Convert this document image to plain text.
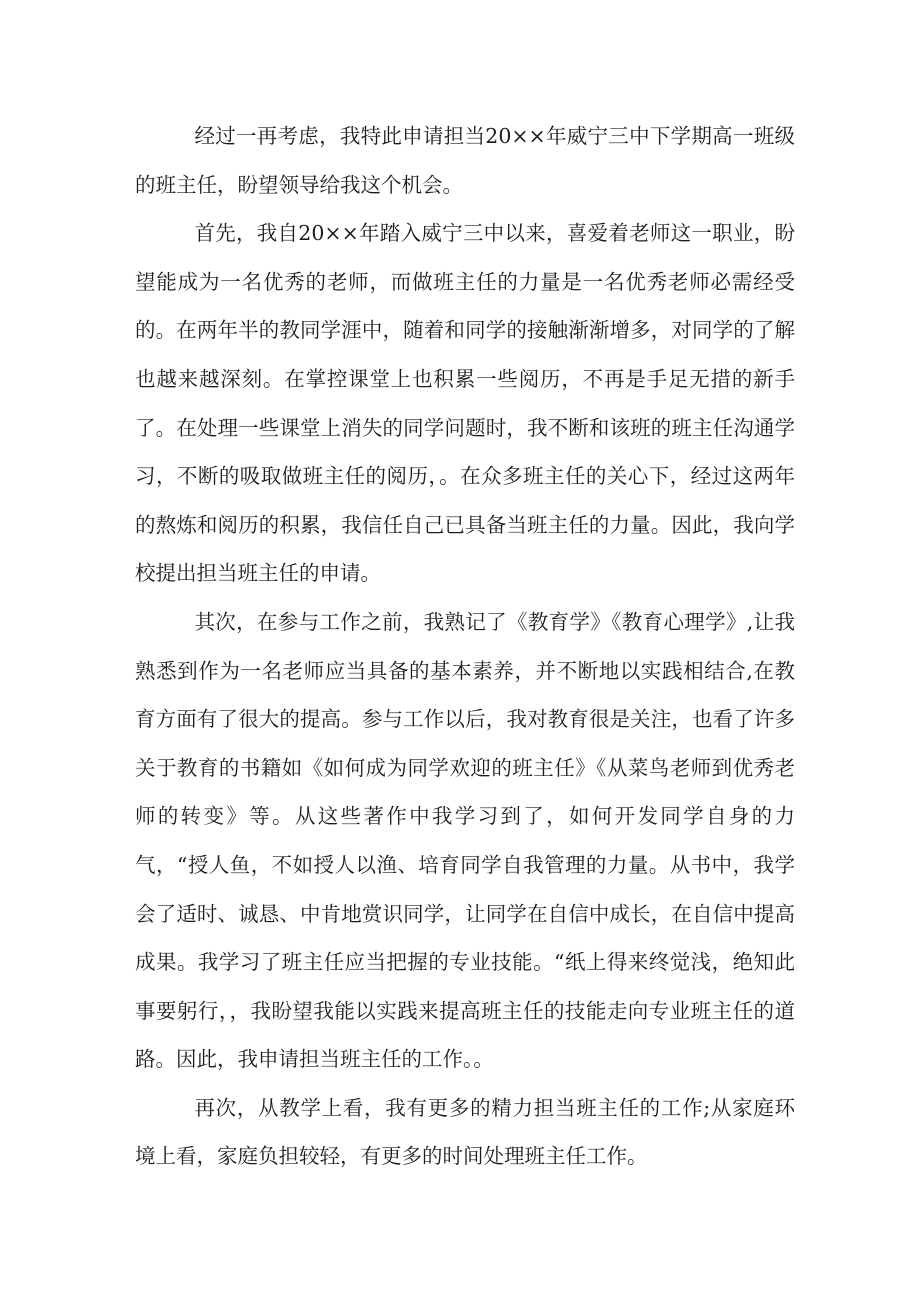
经过一再考虑，我特此申请担当20××年威宁三中下学期高一班级的班主任，盼望领导给我这个机会。

首先，我自20××年踏入威宁三中以来，喜爱着老师这一职业，盼望能成为一名优秀的老师，而做班主任的力量是一名优秀老师必需经受的。在两年半的教同学涯中，随着和同学的接触渐渐增多，对同学的了解也越来越深刻。在掌控课堂上也积累一些阅历，不再是手足无措的新手了。在处理一些课堂上消失的同学问题时，我不断和该班的班主任沟通学习，不断的吸取做班主任的阅历，。在众多班主任的关心下，经过这两年的熬炼和阅历的积累，我信任自己已具备当班主任的力量。因此，我向学校提出担当班主任的申请。

其次，在参与工作之前，我熟记了《教育学》《教育心理学》,让我熟悉到作为一名老师应当具备的基本素养，并不断地以实践相结合,在教育方面有了很大的提高。参与工作以后，我对教育很是关注，也看了许多关于教育的书籍如《如何成为同学欢迎的班主任》《从菜鸟老师到优秀老师的转变》等。从这些著作中我学习到了，如何开发同学自身的力气，“授人鱼，不如授人以渔、培育同学自我管理的力量。从书中，我学会了适时、诚恳、中肯地赏识同学，让同学在自信中成长，在自信中提高成果。我学习了班主任应当把握的专业技能。“纸上得来终觉浅，绝知此事要躬行，，我盼望我能以实践来提高班主任的技能走向专业班主任的道路。因此，我申请担当班主任的工作。。

再次，从教学上看，我有更多的精力担当班主任的工作;从家庭环境上看，家庭负担较轻，有更多的时间处理班主任工作。
